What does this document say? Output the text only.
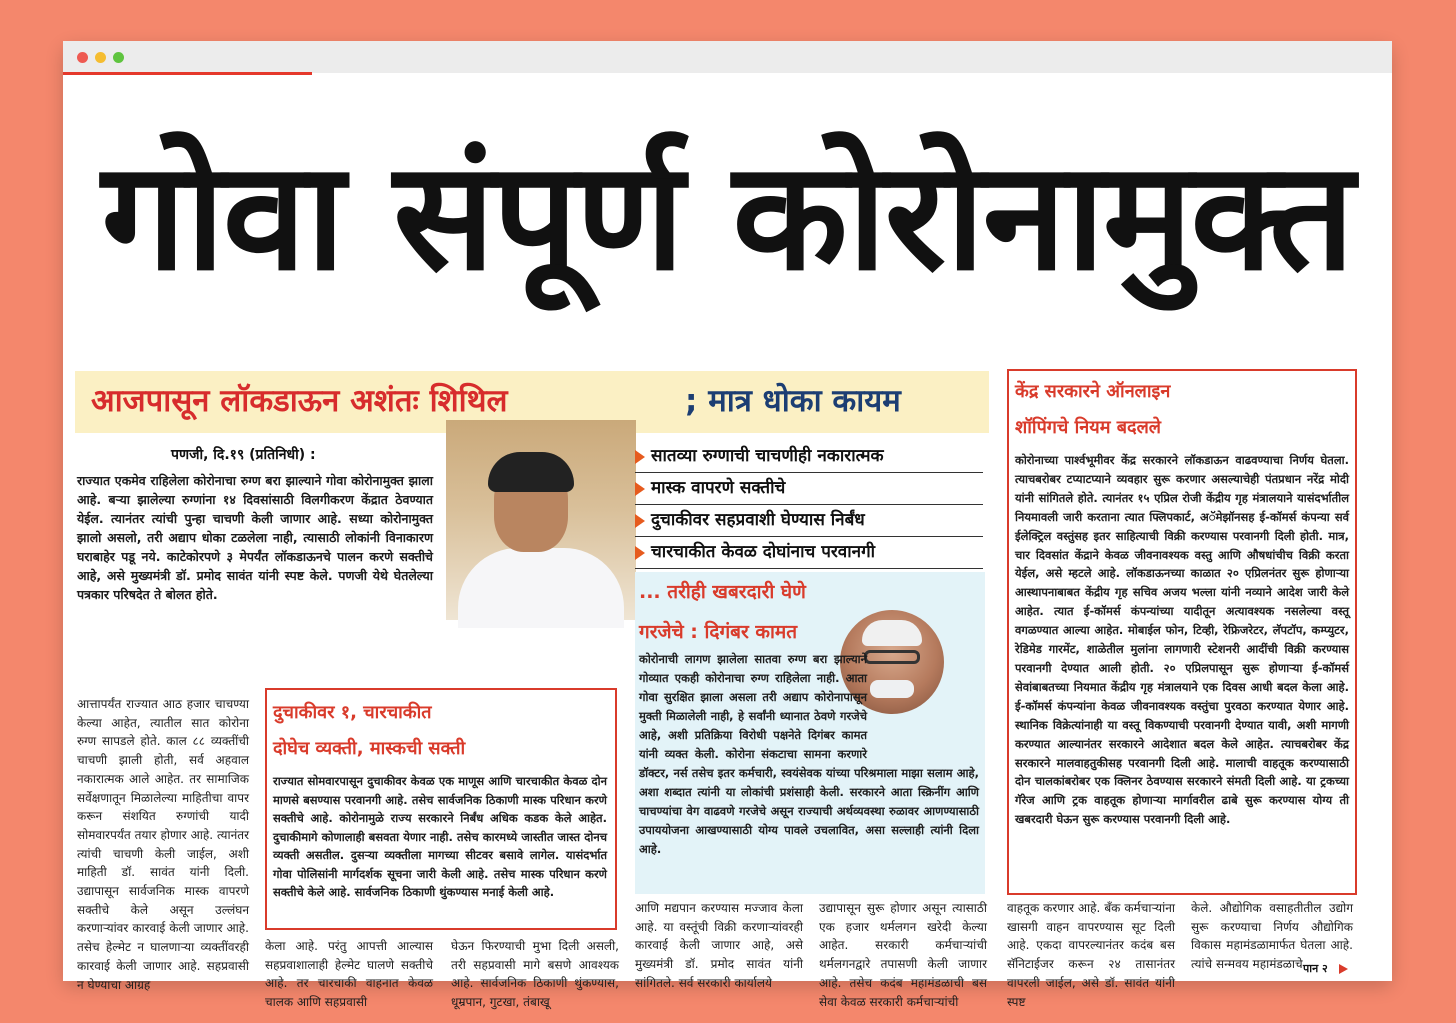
गोवा संपूर्ण कोरोनामुक्त
आजपासून लॉकडाऊन अशंतः शिथिल	; मात्र धोका कायम
पणजी, दि.१९ (प्रतिनिधी) :
राज्यात एकमेव राहिलेला कोरोनाचा रुग्ण बरा झाल्याने गोवा कोरोनामुक्त झाला आहे. बऱ्या झालेल्या रुग्णांना १४ दिवसांसाठी विलगीकरण केंद्रात ठेवण्यात येईल. त्यानंतर त्यांची पुन्हा चाचणी केली जाणार आहे. सध्या कोरोनामुक्त झालो असलो, तरी अद्याप धोका टळलेला नाही, त्यासाठी लोकांनी विनाकारण घराबाहेर पडू नये. काटेकोरपणे ३ मेपर्यंत लॉकडाऊनचे पालन करणे सक्तीचे आहे, असे मुख्यमंत्री डॉ. प्रमोद सावंत यांनी स्पष्ट केले. पणजी येथे घेतलेल्या पत्रकार परिषदेत ते बोलत होते.
सातव्या रुग्णाची चाचणीही नकारात्मक
मास्क वापरणे सक्तीचे
दुचाकीवर सहप्रवाशी घेण्यास निर्बंध
चारचाकीत केवळ दोघांनाच परवानगी
... तरीही खबरदारी घेणे
गरजेचे : दिगंबर कामत
कोरोनाची लागण झालेला सातवा रुग्ण बरा झाल्याने गोव्यात एकही कोरोनाचा रुग्ण राहिलेला नाही. आता गोवा सुरक्षित झाला असला तरी अद्याप कोरोनापासून मुक्ती मिळालेली नाही, हे सर्वांनी ध्यानात ठेवणे गरजेचे आहे, अशी प्रतिक्रिया विरोधी पक्षनेते दिगंबर कामत यांनी व्यक्त केली. कोरोना संकटाचा सामना करणारे डॉक्टर, नर्स तसेच इतर कर्मचारी, स्वयंसेवक यांच्या परिश्रमाला माझा सलाम आहे, अशा शब्दात त्यांनी या लोकांची प्रशंसाही केली. सरकारने आता स्क्रिनींग आणि चाचण्यांचा वेग वाढवणे गरजेचे असून राज्याची अर्थव्यवस्था रुळावर आणण्यासाठी उपाययोजना आखण्यासाठी योग्य पावले उचलावित, असा सल्लाही त्यांनी दिला आहे.
आत्तापर्यंत राज्यात आठ हजार चाचण्या केल्या आहेत, त्यातील सात कोरोना रुग्ण सापडले होते. काल ८८ व्यक्तींची चाचणी झाली होती, सर्व अहवाल नकारात्मक आले आहेत. तर सामाजिक सर्वेक्षणातून मिळालेल्या माहितीचा वापर करून संशयित रुग्णांची यादी सोमवारपर्यंत तयार होणार आहे. त्यानंतर त्यांची चाचणी केली जाईल, अशी माहिती डॉ. सावंत यांनी दिली. उद्यापासून सार्वजनिक मास्क वापरणे सक्तीचे केले असून उल्लंघन करणाऱ्यांवर कारवाई केली जाणार आहे. तसेच हेल्मेट न घालणाऱ्या व्यक्तींवरही कारवाई केली जाणार आहे. सहप्रवासी न घेण्याचा आग्रह
दुचाकीवर १, चारचाकीत
दोघेच व्यक्ती, मास्कची सक्ती
राज्यात सोमवारपासून दुचाकीवर केवळ एक माणूस आणि चारचाकीत केवळ दोन माणसे बसण्यास परवानगी आहे. तसेच सार्वजनिक ठिकाणी मास्क परिधान करणे सक्तीचे आहे. कोरोनामुळे राज्य सरकारने निर्बंध अधिक कडक केले आहेत. दुचाकीमागे कोणालाही बसवता येणार नाही. तसेच कारमध्ये जास्तीत जास्त दोनच व्यक्ती असतील. दुसऱ्या व्यक्तीला मागच्या सीटवर बसावे लागेल. यासंदर्भात गोवा पोलिसांनी मार्गदर्शक सूचना जारी केली आहे. तसेच मास्क परिधान करणे सक्तीचे केले आहे. सार्वजनिक ठिकाणी थुंकण्यास मनाई केली आहे.
केला आहे. परंतु आपत्ती आल्यास सहप्रवाशालाही हेल्मेट घालणे सक्तीचे आहे. तर चारचाकी वाहनात केवळ चालक आणि सहप्रवासी
घेऊन फिरण्याची मुभा दिली असली, तरी सहप्रवासी मागे बसणे आवश्यक आहे. सार्वजनिक ठिकाणी थुंकण्यास, धूम्रपान, गुटखा, तंबाखू
आणि मद्यपान करण्यास मज्जाव केला आहे. या वस्तूंची विक्री करणाऱ्यांवरही कारवाई केली जाणार आहे, असे मुख्यमंत्री डॉ. प्रमोद सावंत यांनी सांगितले. सर्व सरकारी कार्यालये
उद्यापासून सुरू होणार असून त्यासाठी एक हजार थर्मलगन खरेदी केल्या आहेत. सरकारी कर्मचाऱ्यांची थर्मलगनद्वारे तपासणी केली जाणार आहे. तसेच कदंब महामंडळाची बस सेवा केवळ सरकारी कर्मचाऱ्यांची
केंद्र सरकारने ऑनलाइन
शॉपिंगचे नियम बदलले
कोरोनाच्या पार्श्वभूमीवर केंद्र सरकारने लॉकडाऊन वाढवण्याचा निर्णय घेतला. त्याचबरोबर टप्याटप्याने व्यवहार सुरू करणार असल्याचेही पंतप्रधान नरेंद्र मोदी यांनी सांगितले होते. त्यानंतर १५ एप्रिल रोजी केंद्रीय गृह मंत्रालयाने यासंदर्भातील नियमावली जारी करताना त्यात फ्लिपकार्ट, अॅमेझॉनसह ई-कॉमर्स कंपन्या सर्व ईलेक्ट्रिल वस्तुंसह इतर साहित्याची विक्री करण्यास परवानगी दिली होती. मात्र, चार दिवसांत केंद्राने केवळ जीवनावश्यक वस्तु आणि औषधांचीच विक्री करता येईल, असे म्हटले आहे. लॉकडाऊनच्या काळात २० एप्रिलनंतर सुरू होणाऱ्या आस्थापनाबाबत केंद्रीय गृह सचिव अजय भल्ला यांनी नव्याने आदेश जारी केले आहेत. त्यात ई-कॉमर्स कंपन्यांच्या यादीतून अत्यावश्यक नसलेल्या वस्तू वगळण्यात आल्या आहेत. मोबाईल फोन, टिव्ही, रेफ्रिजरेटर, लॅपटॉप, कम्प्युटर, रेडिमेड गारमेंट, शाळेतील मुलांना लागणारी स्टेशनरी आदींची विक्री करण्यास परवानगी देण्यात आली होती. २० एप्रिलपासून सुरू होणाऱ्या ई-कॉमर्स सेवांबाबतच्या नियमात केंद्रीय गृह मंत्रालयाने एक दिवस आधी बदल केला आहे. ई-कॉमर्स कंपन्यांना केवळ जीवनावश्यक वस्तुंचा पुरवठा करण्यात येणार आहे. स्थानिक विक्रेत्यांनाही या वस्तू विकण्याची परवानगी देण्यात यावी, अशी मागणी करण्यात आल्यानंतर सरकारने आदेशात बदल केले आहेत. त्याचबरोबर केंद्र सरकारने मालवाहतुकीसह परवानगी दिली आहे. मालाची वाहतूक करण्यासाठी दोन चालकांबरोबर एक क्लिनर ठेवण्यास सरकारने संमती दिली आहे. या ट्रकच्या गॅरेज आणि ट्रक वाहतूक होणाऱ्या मार्गावरील ढाबे सुरू करण्यास योग्य ती खबरदारी घेऊन सुरू करण्यास परवानगी दिली आहे.
वाहतूक करणार आहे. बँक कर्मचाऱ्यांना खासगी वाहन वापरण्यास सूट दिली आहे. एकदा वापरल्यानंतर कदंब बस सॅनिटाईजर करून २४ तासानंतर वापरली जाईल, असे डॉ. सावंत यांनी स्पष्ट
केले. औद्योगिक वसाहतीतील उद्योग सुरू करण्याचा निर्णय औद्योगिक विकास महामंडळामार्फत घेतला आहे. त्यांचे सन्मवय महामंडळाचे पान २
